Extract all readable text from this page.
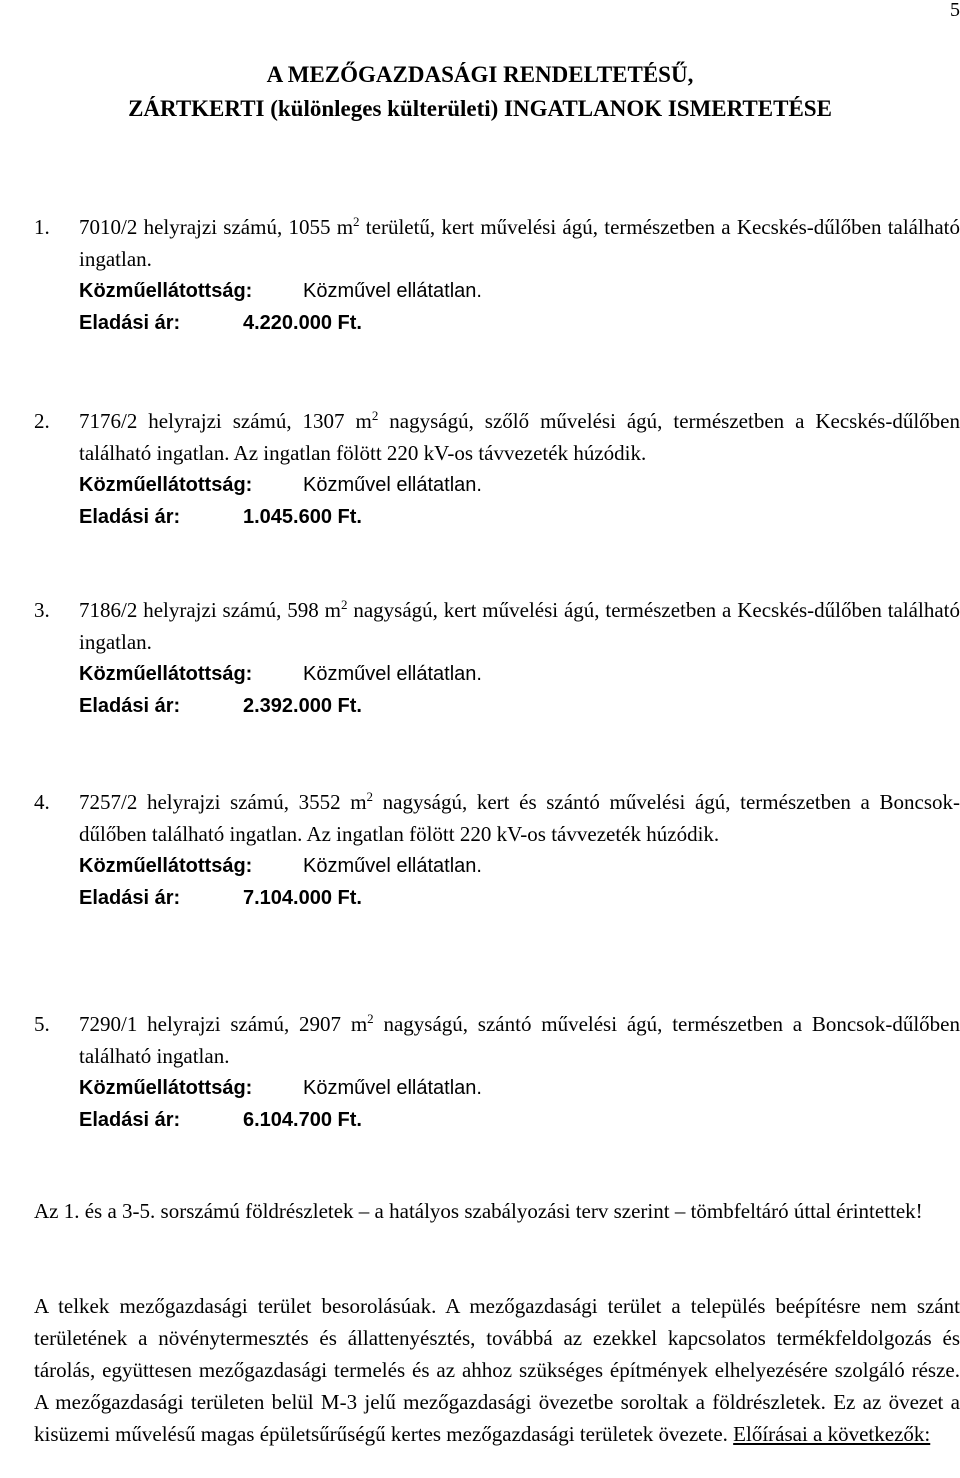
5
A MEZŐGAZDASÁGI RENDELTETÉSŰ,
ZÁRTKERTI (különleges külterületi) INGATLANOK ISMERTETÉSE
1. 7010/2 helyrajzi számú, 1055 $m^2$ területű, kert művelési ágú, természetben a Kecskés-dűlőben található ingatlan.

Közműellátottság:	Közművel ellátatlan.
Eladási ár:	4.220.000 Ft.
2. 7176/2 helyrajzi számú, 1307 $m^2$ nagyságú, szőlő művelési ágú, természetben a Kecskés-dűlőben található ingatlan. Az ingatlan fölött 220 kV-os távvezeték húzódik.

Közműellátottság:	Közművel ellátatlan.
Eladási ár:	1.045.600 Ft.
3. 7186/2 helyrajzi számú, 598 $m^2$ nagyságú, kert művelési ágú, természetben a Kecskés-dűlőben található ingatlan.

Közműellátottság:	Közművel ellátatlan.
Eladási ár:	2.392.000 Ft.
4. 7257/2 helyrajzi számú, 3552 $m^2$ nagyságú, kert és szántó művelési ágú, természetben a Boncsok-dűlőben található ingatlan. Az ingatlan fölött 220 kV-os távvezeték húzódik.

Közműellátottság:	Közművel ellátatlan.
Eladási ár:	7.104.000 Ft.
5. 7290/1 helyrajzi számú, 2907 $m^2$ nagyságú, szántó művelési ágú, természetben a Boncsok-dűlőben található ingatlan.

Közműellátottság:	Közművel ellátatlan.
Eladási ár:	6.104.700 Ft.

Az 1. és a 3-5. sorszámú földrészletek – a hatályos szabályozási terv szerint – tömbfeltáró úttal érintettek!

A telkek mezőgazdasági terület besorolásúak. A mezőgazdasági terület a település beépítésre nem szánt területének a növénytermesztés és állattenyésztés, továbbá az ezekkel kapcsolatos termékfeldolgozás és tárolás, együttesen mezőgazdasági termelés és az ahhoz szükséges építmények elhelyezésére szolgáló része. A mezőgazdasági területen belül M-3 jelű mezőgazdasági övezetbe soroltak a földrészletek. Ez az övezet a kisüzemi művelésű magas épületsűrűségű kertes mezőgazdasági területek övezete. Előírásai a következők:
